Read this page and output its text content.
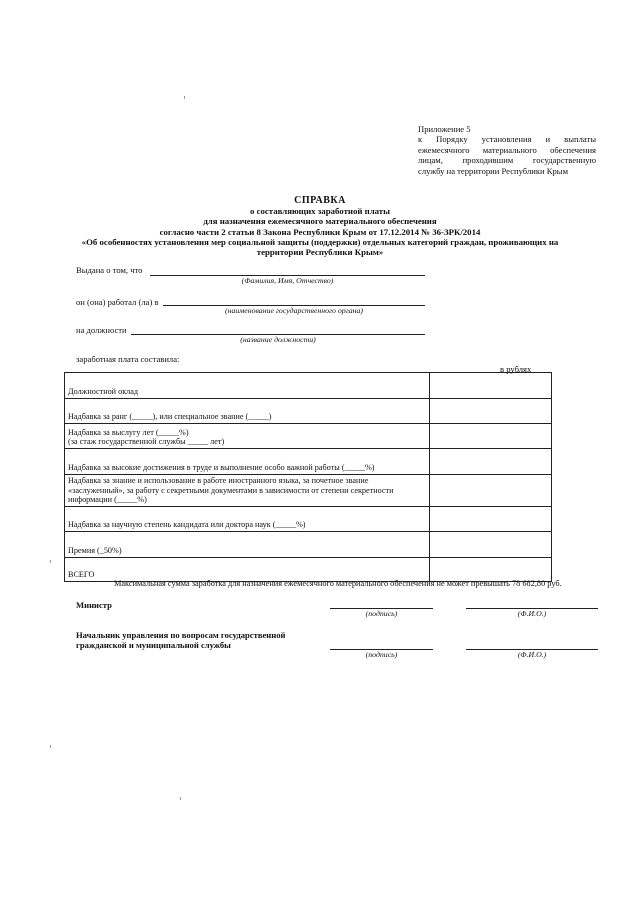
Приложение 5
к Порядку установления и выплаты
ежемесячного материального обеспечения
лицам, проходившим государственную
службу на территории Республики Крым
СПРАВКА
о составляющих заработной платы
для назначения ежемесячного материального обеспечения
согласно части 2 статьи 8 Закона Республики Крым от 17.12.2014 № 36-ЗРК/2014
«Об особенностях установления мер социальной защиты (поддержки) отдельных категорий граждан, проживающих на
территории Республики Крым»
Выдана о том, что
(Фамилия, Имя, Отчество)
он (она) работал (ла) в
(наименование государственного органа)
на должности
(название должности)
заработная плата составила:
в рублях
Должностной оклад	
Надбавка за ранг (_____), или специальное звание (_____)	
Надбавка за выслугу лет (_____%)
(за стаж государственной службы _____ лет)	
Надбавка за высокие достижения в труде и выполнение особо важной работы (_____%)	
Надбавка за знание и использование в работе иностранного языка, за почетное звание «заслуженный», за работу с секретными документами в зависимости от степени секретности информации (_____%)	
Надбавка за научную степень кандидата или доктора наук (_____%)	
Премия (_50%)	
ВСЕГО	
Максимальная сумма заработка для назначения ежемесячного материального обеспечения не может превышать 78 682,80 руб.
Министр
(подпись)	(Ф.И.О.)
Начальник управления по вопросам государственной
гражданской и муниципальной службы
(подпись)	(Ф.И.О.)
